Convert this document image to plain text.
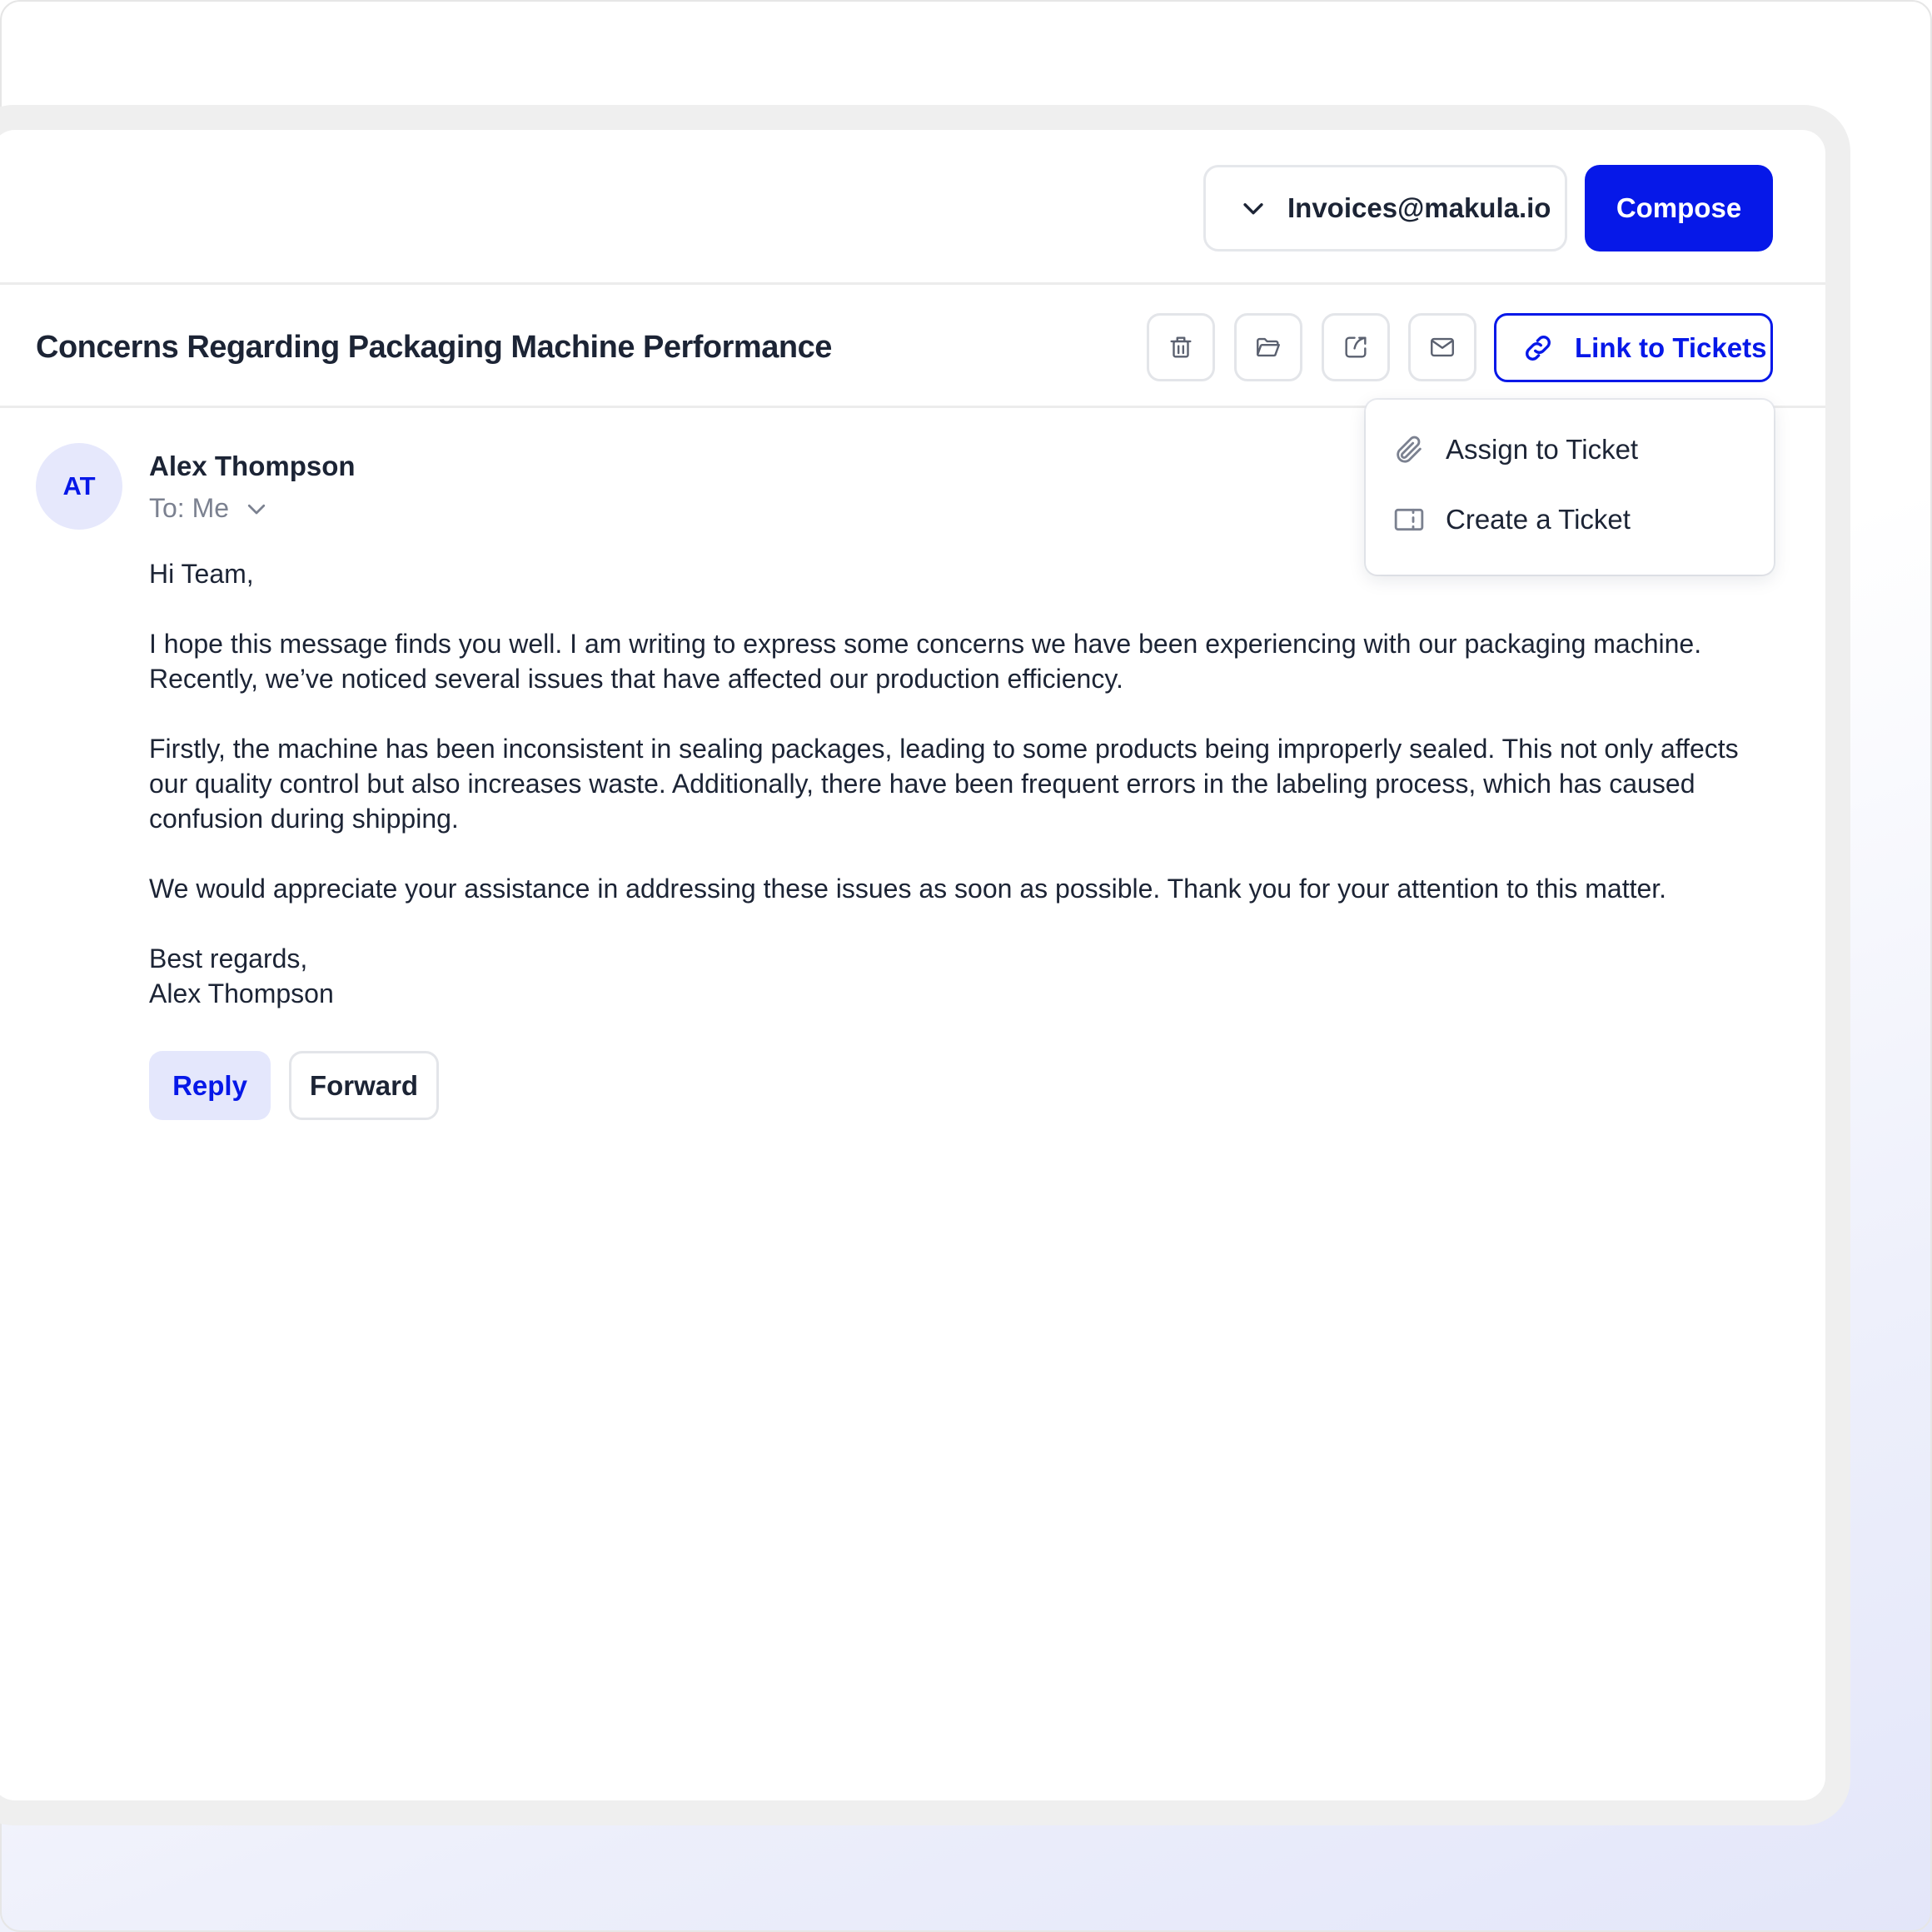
Invoices@makula.io	Compose
Concerns Regarding Packaging Machine Performance	Link to Tickets
Assign to Ticket
Create a Ticket
AT
Alex Thompson
To: Me

Hi Team,

I hope this message finds you well. I am writing to express some concerns we have been experiencing with our packaging machine. Recently, we’ve noticed several issues that have affected our production efficiency.

Firstly, the machine has been inconsistent in sealing packages, leading to some products being improperly sealed. This not only affects our quality control but also increases waste. Additionally, there have been frequent errors in the labeling process, which has caused confusion during shipping.

We would appreciate your assistance in addressing these issues as soon as possible. Thank you for your attention to this matter.

Best regards,

Alex Thompson

Reply	Forward
